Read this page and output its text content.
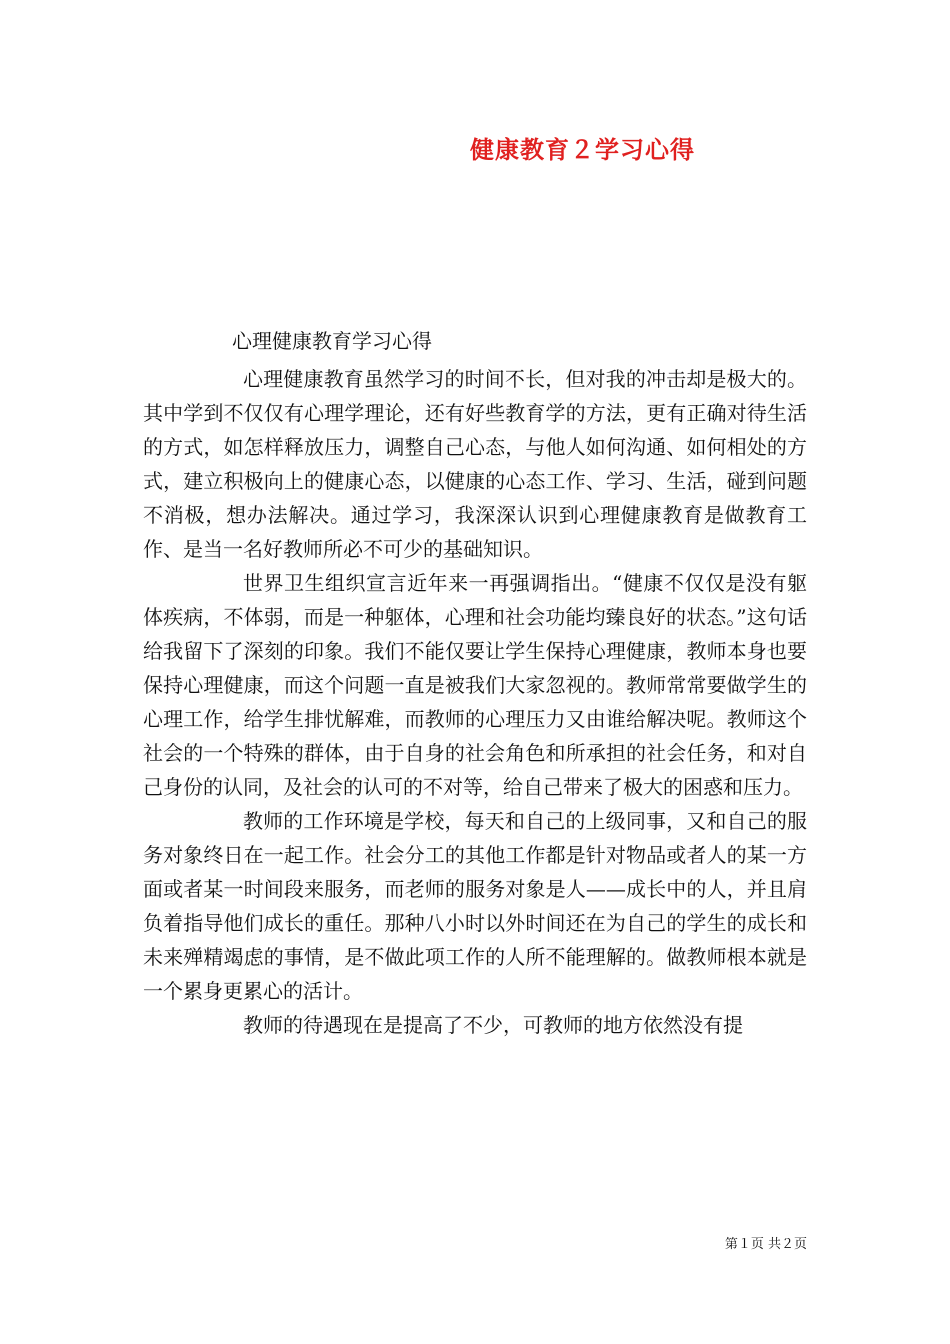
健康教育２学习心得
心理健康教育学习心得

心理健康教育虽然学习的时间不长，但对我的冲击却是极大的。其中学到不仅仅有心理学理论，还有好些教育学的方法，更有正确对待生活的方式，如怎样释放压力，调整自己心态，与他人如何沟通、如何相处的方式，建立积极向上的健康心态，以健康的心态工作、学习、生活，碰到问题不消极，想办法解决。通过学习，我深深认识到心理健康教育是做教育工作、是当一名好教师所必不可少的基础知识。

世界卫生组织宣言近年来一再强调指出。“健康不仅仅是没有躯体疾病，不体弱，而是一种躯体，心理和社会功能均臻良好的状态。”这句话给我留下了深刻的印象。我们不能仅要让学生保持心理健康，教师本身也要保持心理健康，而这个问题一直是被我们大家忽视的。教师常常要做学生的心理工作，给学生排忧解难，而教师的心理压力又由谁给解决呢。教师这个社会的一个特殊的群体，由于自身的社会角色和所承担的社会任务，和对自己身份的认同，及社会的认可的不对等，给自己带来了极大的困惑和压力。

教师的工作环境是学校，每天和自己的上级同事，又和自己的服务对象终日在一起工作。社会分工的其他工作都是针对物品或者人的某一方面或者某一时间段来服务，而老师的服务对象是人——成长中的人，并且肩负着指导他们成长的重任。那种八小时以外时间还在为自己的学生的成长和未来殚精竭虑的事情，是不做此项工作的人所不能理解的。做教师根本就是一个累身更累心的活计。

教师的待遇现在是提高了不少，可教师的地方依然没有提

第１页 共２页
